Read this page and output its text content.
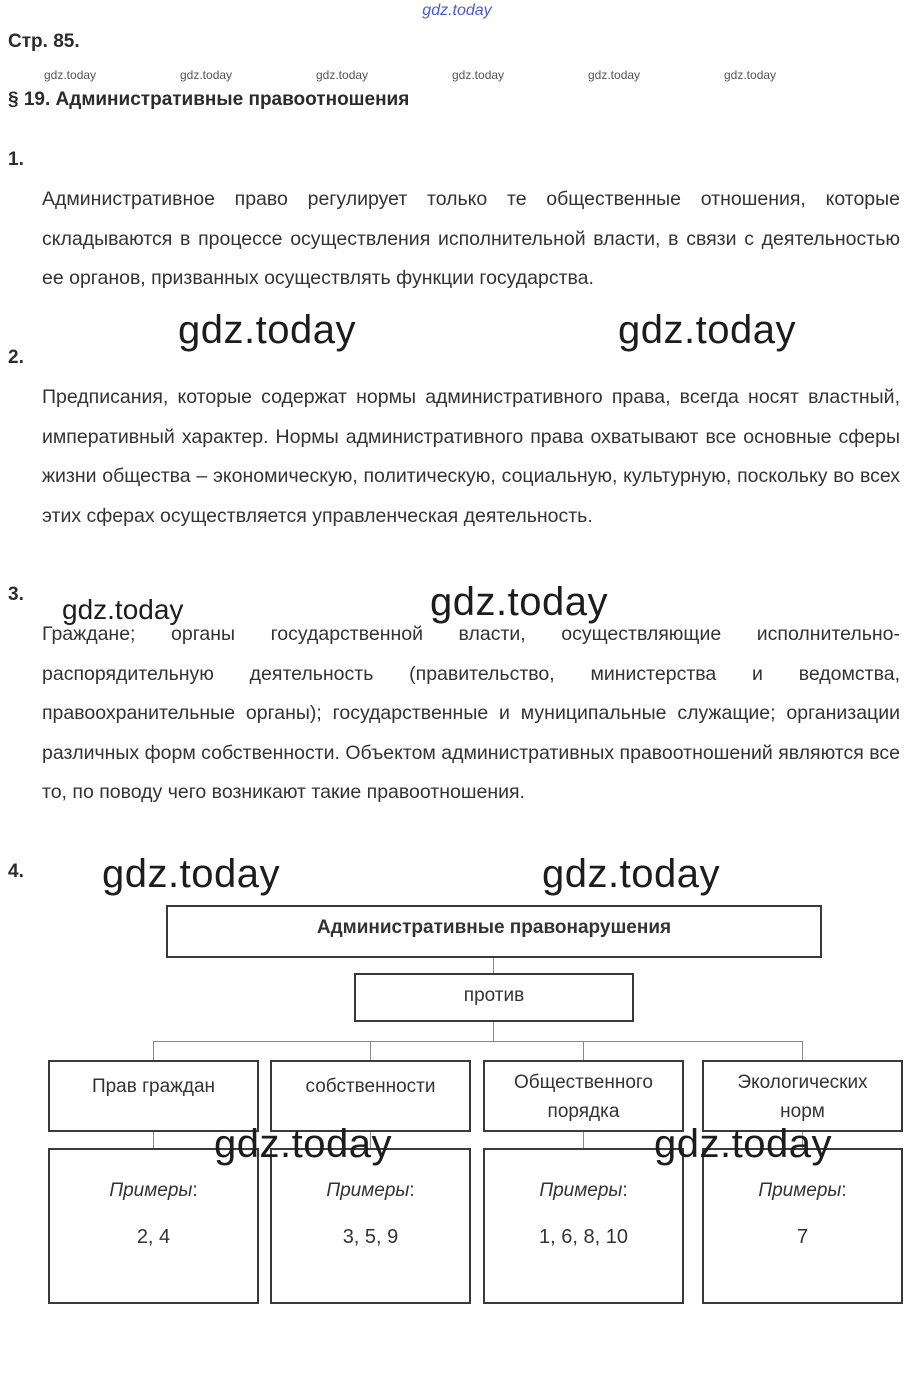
gdz.today
Стр. 85.
gdz.today	gdz.today	gdz.today	gdz.today	gdz.today	gdz.today
§ 19. Административные правоотношения
1.
Административное право регулирует только те общественные отношения, которые складываются в процессе осуществления исполнительной власти, в связи с деятельностью ее органов, призванных осуществлять функции государства.
2.
Предписания, которые содержат нормы административного права, всегда носят властный, императивный характер. Нормы административного права охватывают все основные сферы жизни общества – экономическую, политическую, социальную, культурную, поскольку во всех этих сферах осуществляется управленческая деятельность.
3.
Граждане; органы государственной власти, осуществляющие исполнительно-распорядительную деятельность (правительство, министерства и ведомства, правоохранительные органы); государственные и муниципальные служащие; организации различных форм собственности. Объектом административных правоотношений являются все то, по поводу чего возникают такие правоотношения.
4.
Административные правонарушения
против
Прав граждан	собственности	Общественного порядка
Экологических норм
Примеры:
2, 4
Примеры:
3, 5, 9
Примеры:
1, 6, 8, 10
Примеры:
7
gdz.today	gdz.today
gdz.today	gdz.today
gdz.today	gdz.today
gdz.today	gdz.today
